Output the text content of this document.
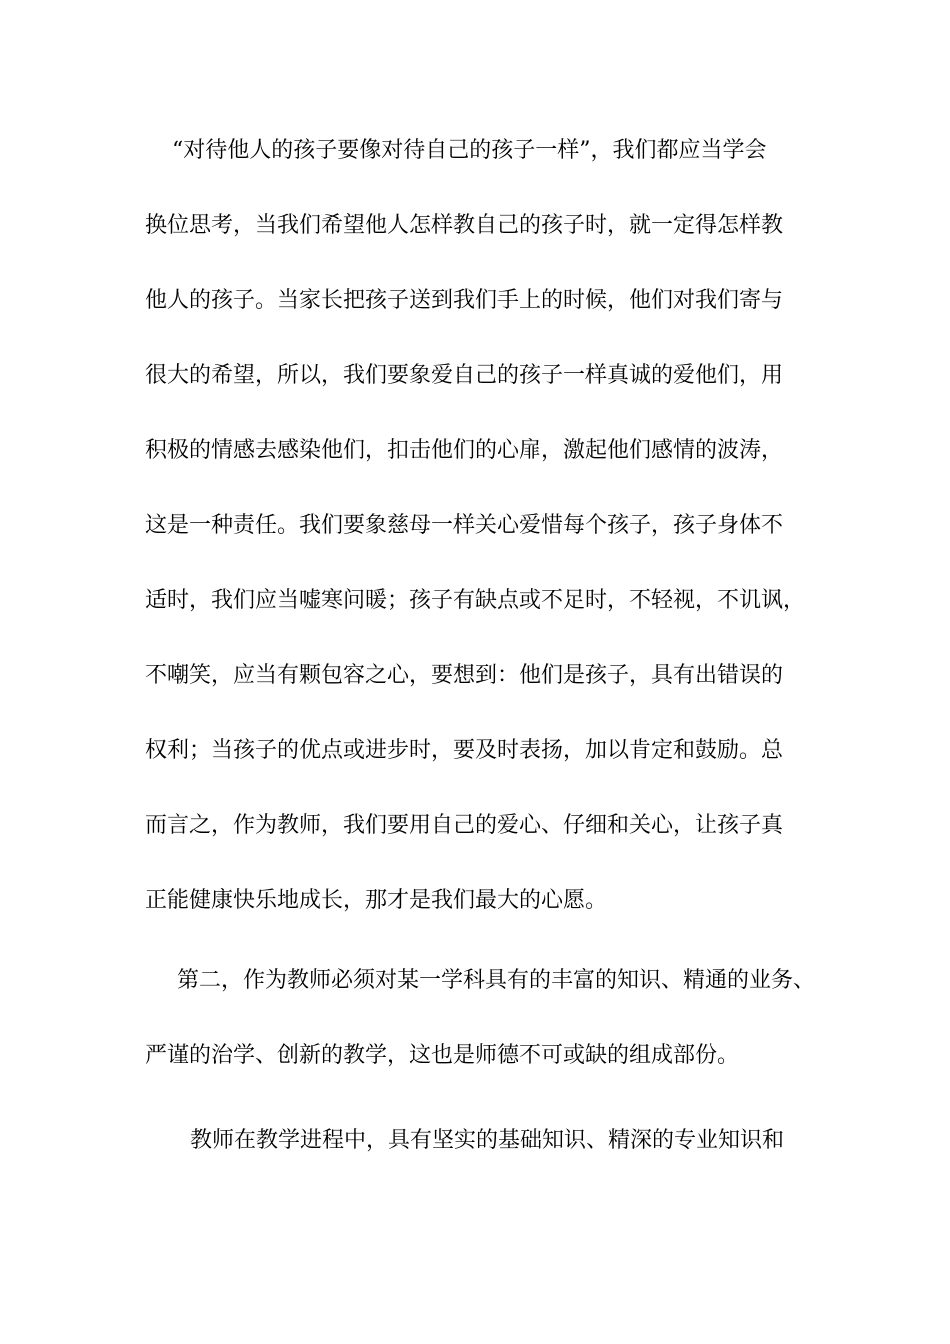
“对待他人的孩子要像对待自己的孩子一样”，我们都应当学会

换位思考，当我们希望他人怎样教自己的孩子时，就一定得怎样教

他人的孩子。当家长把孩子送到我们手上的时候，他们对我们寄与

很大的希望，所以，我们要象爱自己的孩子一样真诚的爱他们，用

积极的情感去感染他们，扣击他们的心扉，激起他们感情的波涛，

这是一种责任。我们要象慈母一样关心爱惜每个孩子，孩子身体不

适时，我们应当嘘寒问暖；孩子有缺点或不足时，不轻视，不讥讽，

不嘲笑，应当有颗包容之心，要想到：他们是孩子，具有出错误的

权利；当孩子的优点或进步时，要及时表扬，加以肯定和鼓励。总

而言之，作为教师，我们要用自己的爱心、仔细和关心，让孩子真

正能健康快乐地成长，那才是我们最大的心愿。

第二，作为教师必须对某一学科具有的丰富的知识、精通的业务、

严谨的治学、创新的教学，这也是师德不可或缺的组成部份。

教师在教学进程中，具有坚实的基础知识、精深的专业知识和
